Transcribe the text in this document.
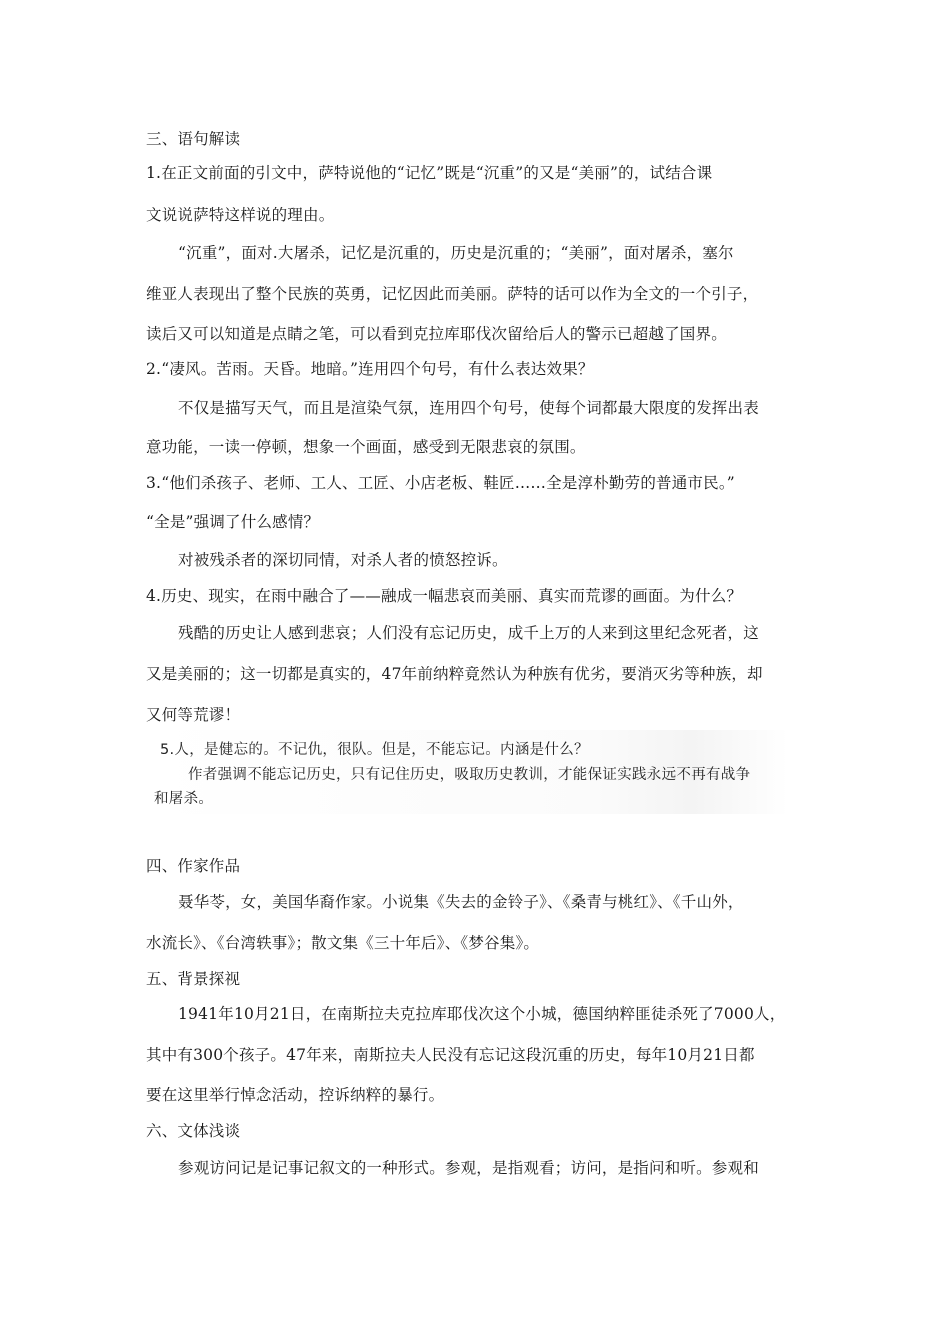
三、语句解读
1.在正文前面的引文中，萨特说他的“记忆”既是“沉重”的又是“美丽”的，试结合课
文说说萨特这样说的理由。
“沉重”，面对.大屠杀，记忆是沉重的，历史是沉重的；“美丽”，面对屠杀，塞尔
维亚人表现出了整个民族的英勇，记忆因此而美丽。萨特的话可以作为全文的一个引子，
读后又可以知道是点睛之笔，可以看到克拉库耶伐次留给后人的警示已超越了国界。
2.“凄风。苦雨。天昏。地暗。”连用四个句号，有什么表达效果？
不仅是描写天气，而且是渲染气氛，连用四个句号，使每个词都最大限度的发挥出表
意功能，一读一停顿，想象一个画面，感受到无限悲哀的氛围。
3.“他们杀孩子、老师、工人、工匠、小店老板、鞋匠……全是淳朴勤劳的普通市民。”
“全是”强调了什么感情？
对被残杀者的深切同情，对杀人者的愤怒控诉。
4.历史、现实，在雨中融合了——融成一幅悲哀而美丽、真实而荒谬的画面。为什么？
残酷的历史让人感到悲哀；人们没有忘记历史，成千上万的人来到这里纪念死者，这
又是美丽的；这一切都是真实的，47年前纳粹竟然认为种族有优劣，要消灭劣等种族，却
又何等荒谬！
5.人，是健忘的。不记仇，很队。但是，不能忘记。内涵是什么？
作者强调不能忘记历史，只有记住历史，吸取历史教训，才能保证实践永远不再有战争
和屠杀。
四、作家作品
聂华苓，女，美国华裔作家。小说集《失去的金铃子》、《桑青与桃红》、《千山外，
水流长》、《台湾轶事》；散文集《三十年后》、《梦谷集》。
五、背景探视
1941年10月21日，在南斯拉夫克拉库耶伐次这个小城，德国纳粹匪徒杀死了7000人，
其中有300个孩子。47年来，南斯拉夫人民没有忘记这段沉重的历史，每年10月21日都
要在这里举行悼念活动，控诉纳粹的暴行。
六、文体浅谈
参观访问记是记事记叙文的一种形式。参观，是指观看；访问，是指问和听。参观和
